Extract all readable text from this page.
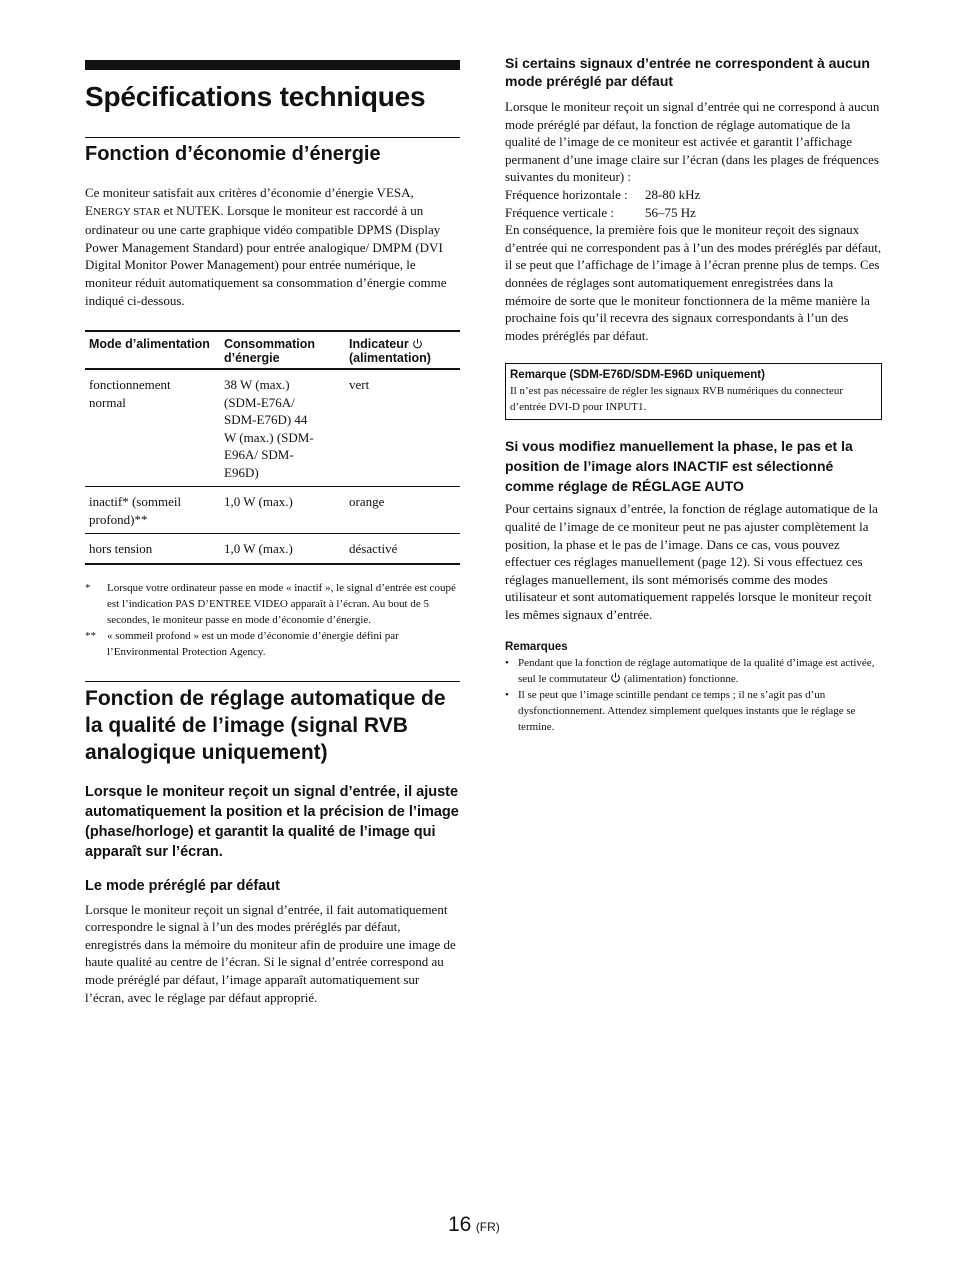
Spécifications techniques
Fonction d’économie d’énergie

Ce moniteur satisfait aux critères d’économie d’énergie VESA, ENERGY STAR et NUTEK. Lorsque le moniteur est raccordé à un ordinateur ou une carte graphique vidéo compatible DPMS (Display Power Management Standard) pour entrée analogique/ DMPM (DVI Digital Monitor Power Management) pour entrée numérique, le moniteur réduit automatiquement sa consommation d’énergie comme indiqué ci-dessous.

Mode d’alimentation	Consommation d’énergie	Indicateur
(alimentation)
fonctionnement normal	38 W (max.) (SDM-E76A/ SDM-E76D) 44 W (max.) (SDM-E96A/ SDM-E96D)	vert
inactif* (sommeil profond)**	1,0 W (max.)	orange
hors tension	1,0 W (max.)	désactivé
*	Lorsque votre ordinateur passe en mode « inactif », le signal d’entrée est coupé est l’indication PAS D’ENTREE VIDEO apparaît à l’écran. Au bout de 5 secondes, le moniteur passe en mode d’économie d’énergie.
**	« sommeil profond » est un mode d’économie d’énergie défini par l’Environmental Protection Agency.
Fonction de réglage automatique de la qualité de l’image (signal RVB analogique uniquement)

Lorsque le moniteur reçoit un signal d’entrée, il ajuste automatiquement la position et la précision de l’image (phase/horloge) et garantit la qualité de l’image qui apparaît sur l’écran.

Le mode préréglé par défaut

Lorsque le moniteur reçoit un signal d’entrée, il fait automatiquement correspondre le signal à l’un des modes préréglés par défaut, enregistrés dans la mémoire du moniteur afin de produire une image de haute qualité au centre de l’écran. Si le signal d’entrée correspond au mode préréglé par défaut, l’image apparaît automatiquement sur l’écran, avec le réglage par défaut approprié.

Si certains signaux d’entrée ne correspondent à aucun mode préréglé par défaut

Lorsque le moniteur reçoit un signal d’entrée qui ne correspond à aucun mode préréglé par défaut, la fonction de réglage automatique de la qualité de l’image de ce moniteur est activée et garantit l’affichage permanent d’une image claire sur l’écran (dans les plages de fréquences suivantes du moniteur) :

Fréquence horizontale : 28-80 kHz
Fréquence verticale : 56–75 Hz

En conséquence, la première fois que le moniteur reçoit des signaux d’entrée qui ne correspondent pas à l’un des modes préréglés par défaut, il se peut que l’affichage de l’image à l’écran prenne plus de temps. Ces données de réglages sont automatiquement enregistrées dans la mémoire de sorte que le moniteur fonctionnera de la même manière la prochaine fois qu’il recevra des signaux correspondants à l’un des modes préréglés par défaut.

Remarque (SDM-E76D/SDM-E96D uniquement)
Il n’est pas nécessaire de régler les signaux RVB numériques du connecteur d’entrée DVI-D pour INPUT1.

Si vous modifiez manuellement la phase, le pas et la position de l’image alors INACTIF est sélectionné comme réglage de RÉGLAGE AUTO

Pour certains signaux d’entrée, la fonction de réglage automatique de la qualité de l’image de ce moniteur peut ne pas ajuster complètement la position, la phase et le pas de l’image. Dans ce cas, vous pouvez effectuer ces réglages manuellement (page 12). Si vous effectuez ces réglages manuellement, ils sont mémorisés comme des modes utilisateur et sont automatiquement rappelés lorsque le moniteur reçoit les mêmes signaux d’entrée.

Remarques
• Pendant que la fonction de réglage automatique de la qualité d’image est activée, seul le commutateur (alimentation) fonctionne.
• Il se peut que l’image scintille pendant ce temps ; il ne s’agit pas d’un dysfonctionnement. Attendez simplement quelques instants que le réglage se termine.
16 (FR)
